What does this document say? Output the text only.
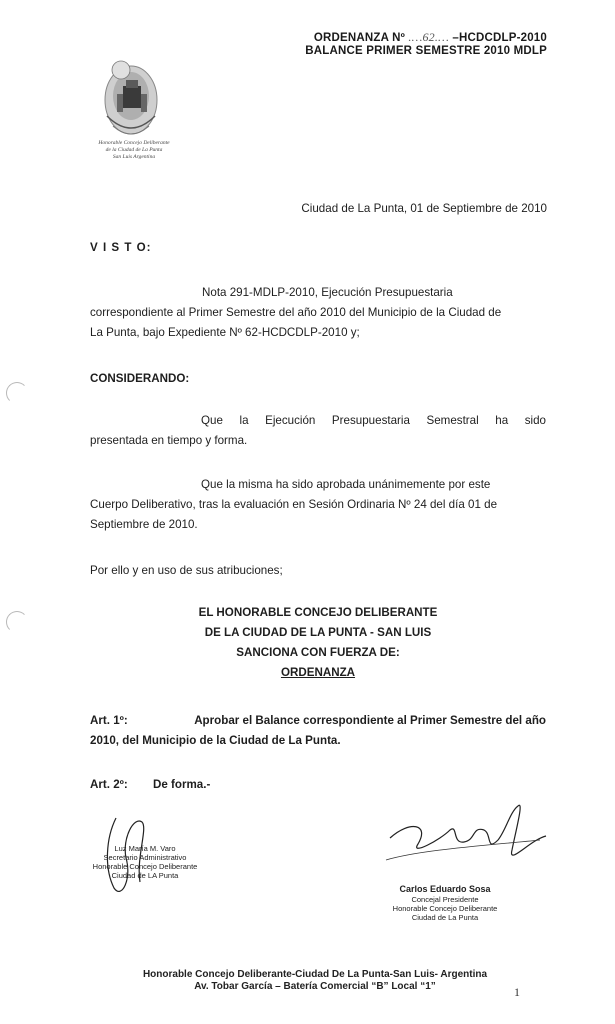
ORDENANZA Nº .…62.… –HCDCDLP-2010
BALANCE PRIMER SEMESTRE 2010 MDLP
Honorable Concejo Deliberante
de la Ciudad de La Punta
San Luis Argentina
Ciudad de La Punta, 01 de Septiembre de 2010
V I S T O:
Nota 291-MDLP-2010, Ejecución Presupuestaria
correspondiente al Primer Semestre del año 2010 del Municipio de la Ciudad de
La Punta, bajo Expediente Nº 62-HCDCDLP-2010 y;
CONSIDERANDO:
Que la Ejecución Presupuestaria Semestral ha sido
presentada en tiempo y forma.
Que la misma ha sido aprobada unánimemente por este
Cuerpo Deliberativo, tras la evaluación en Sesión Ordinaria Nº 24 del día 01 de
Septiembre de 2010.
Por ello y en uso de sus atribuciones;
EL HONORABLE CONCEJO DELIBERANTE
DE LA CIUDAD DE LA PUNTA - SAN LUIS
SANCIONA CON FUERZA DE:
ORDENANZA
Art. 1º:	Aprobar el Balance correspondiente al Primer Semestre del año
2010, del Municipio de la Ciudad de La Punta.
Art. 2º: De forma.-
Luz María M. Varo
Secretario Administrativo
Honorable Concejo Deliberante
Ciudad de LA Punta
Carlos Eduardo Sosa
Concejal Presidente
Honorable Concejo Deliberante
Ciudad de La Punta
Honorable Concejo Deliberante-Ciudad De La Punta-San Luis- Argentina
Av. Tobar García – Batería Comercial “B” Local “1”	1
